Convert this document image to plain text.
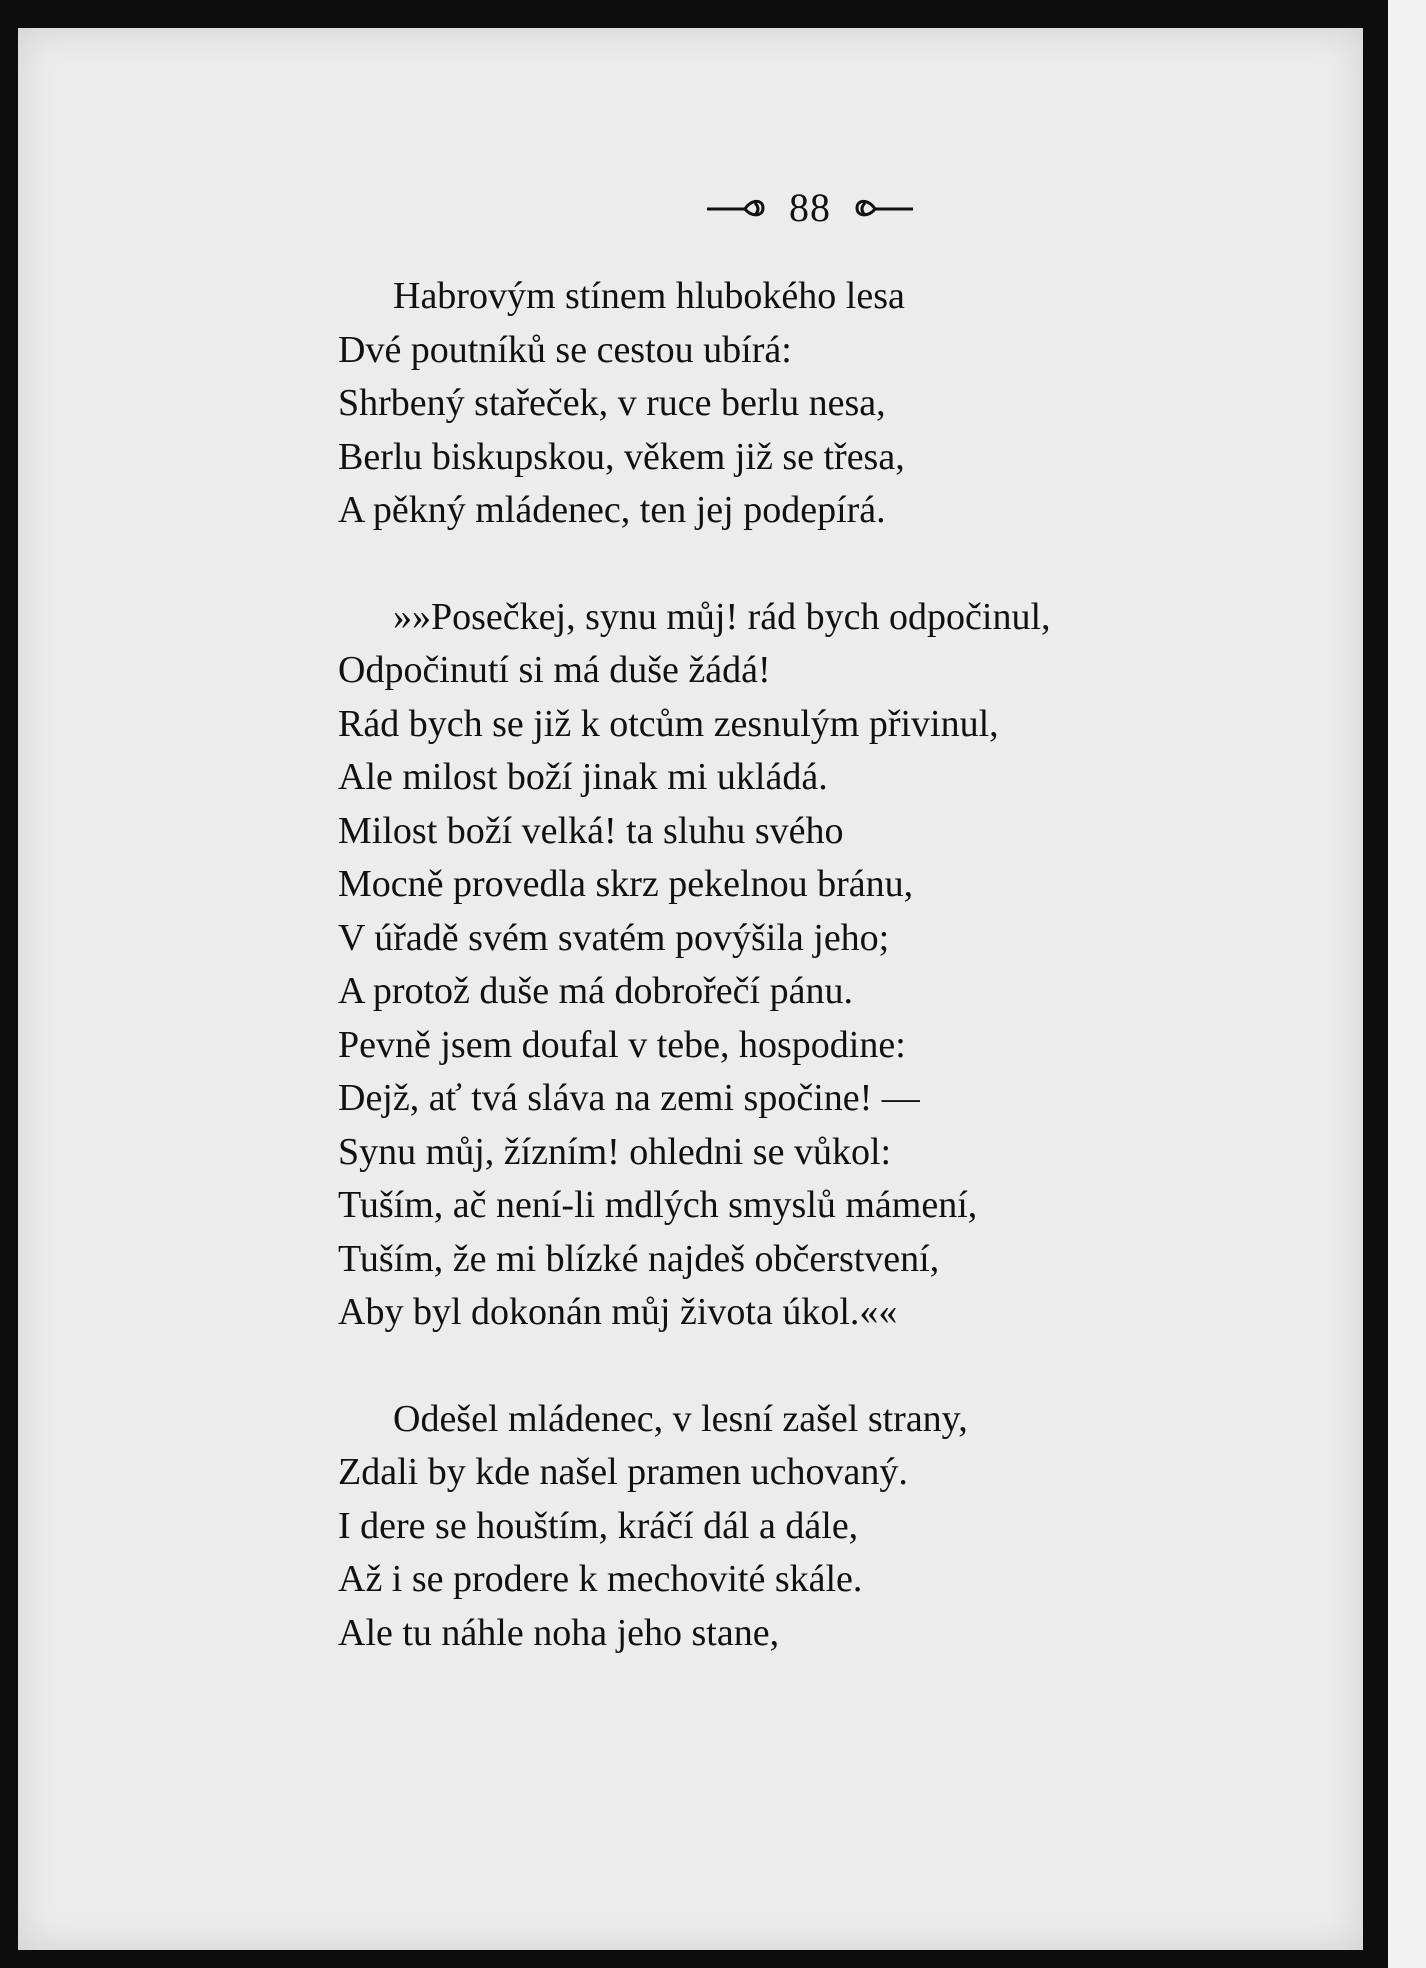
88
Habrovým stínem hlubokého lesa
Dvé poutníků se cestou ubírá:
Shrbený stařeček, v ruce berlu nesa,
Berlu biskupskou, věkem již se třesa,
A pěkný mládenec, ten jej podepírá.
»»Posečkej, synu můj! rád bych odpočinul,
Odpočinutí si má duše žádá!
Rád bych se již k otcům zesnulým přivinul,
Ale milost boží jinak mi ukládá.
Milost boží velká! ta sluhu svého
Mocně provedla skrz pekelnou bránu,
V úřadě svém svatém povýšila jeho;
A protož duše má dobrořečí pánu.
Pevně jsem doufal v tebe, hospodine:
Dejž, ať tvá sláva na zemi spočine! —
Synu můj, žízním! ohledni se vůkol:
Tuším, ač není-li mdlých smyslů mámení,
Tuším, že mi blízké najdeš občerstvení,
Aby byl dokonán můj života úkol.««
Odešel mládenec, v lesní zašel strany,
Zdali by kde našel pramen uchovaný.
I dere se houštím, kráčí dál a dále,
Až i se prodere k mechovité skále.
Ale tu náhle noha jeho stane,
